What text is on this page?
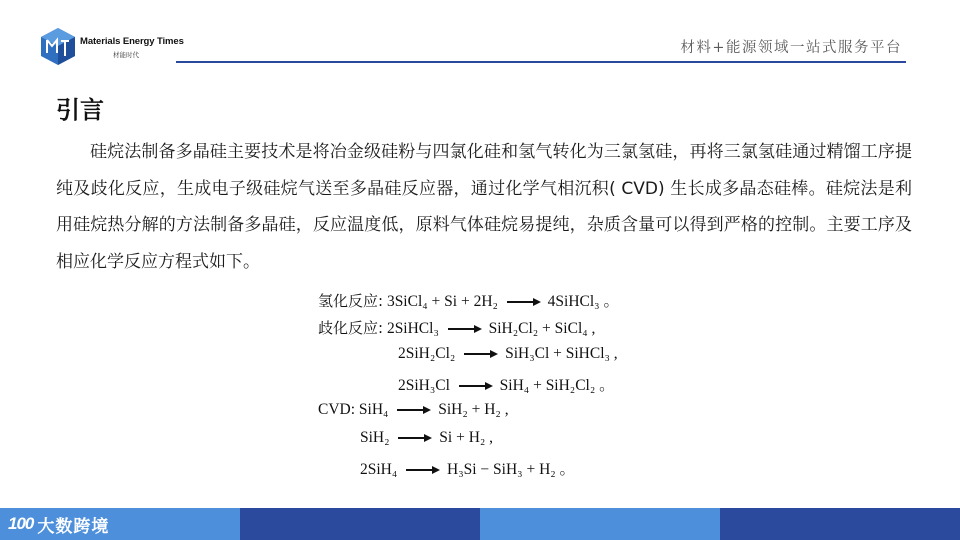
Materials Energy Times
材能时代	材料+能源领域一站式服务平台
引言
硅烷法制备多晶硅主要技术是将冶金级硅粉与四氯化硅和氢气转化为三氯氢硅，再将三氯氢硅通过精馏工序提纯及歧化反应，生成电子级硅烷气送至多晶硅反应器，通过化学气相沉积( CVD) 生长成多晶态硅棒。硅烷法是利用硅烷热分解的方法制备多晶硅，反应温度低，原料气体硅烷易提纯，杂质含量可以得到严格的控制。主要工序及相应化学反应方程式如下。
氢化反应: 3SiCl₄ + Si + 2H₂	4SiHCl₃ 。
歧化反应: 2SiHCl₃	SiH₂Cl₂ + SiCl₄ ,
2SiH₂Cl₂	SiH₃Cl + SiHCl₃ ,
2SiH₃Cl	SiH₄ + SiH₂Cl₂ 。
CVD: SiH₄	SiH₂ + H₂ ,
SiH₂	Si + H₂ ,
2SiH₄	H₃Si − SiH₃ + H₂ 。
100 大数跨境
